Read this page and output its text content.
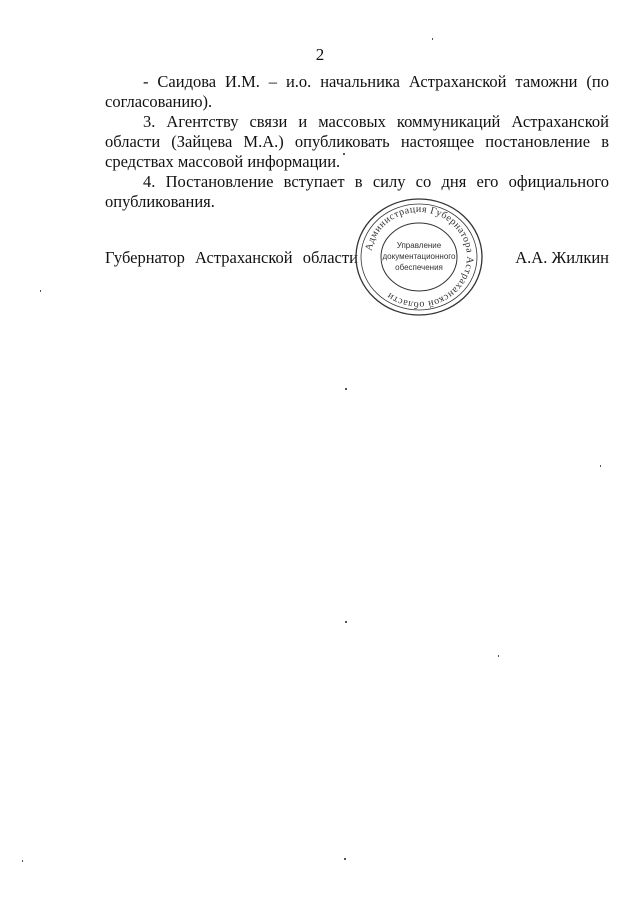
2

- Саидова И.М. – и.о. начальника Астраханской таможни (по согласованию).

3. Агентству связи и массовых коммуникаций Астраханской области (Зайцева М.А.) опубликовать настоящее постановление в средствах массовой информации.

4. Постановление вступает в силу со дня его официального опубликования.

Губернатор Астраханской области	А.А. Жилкин
Администрация Губернатора Астраханской области
Управление
документационного
обеспечения
